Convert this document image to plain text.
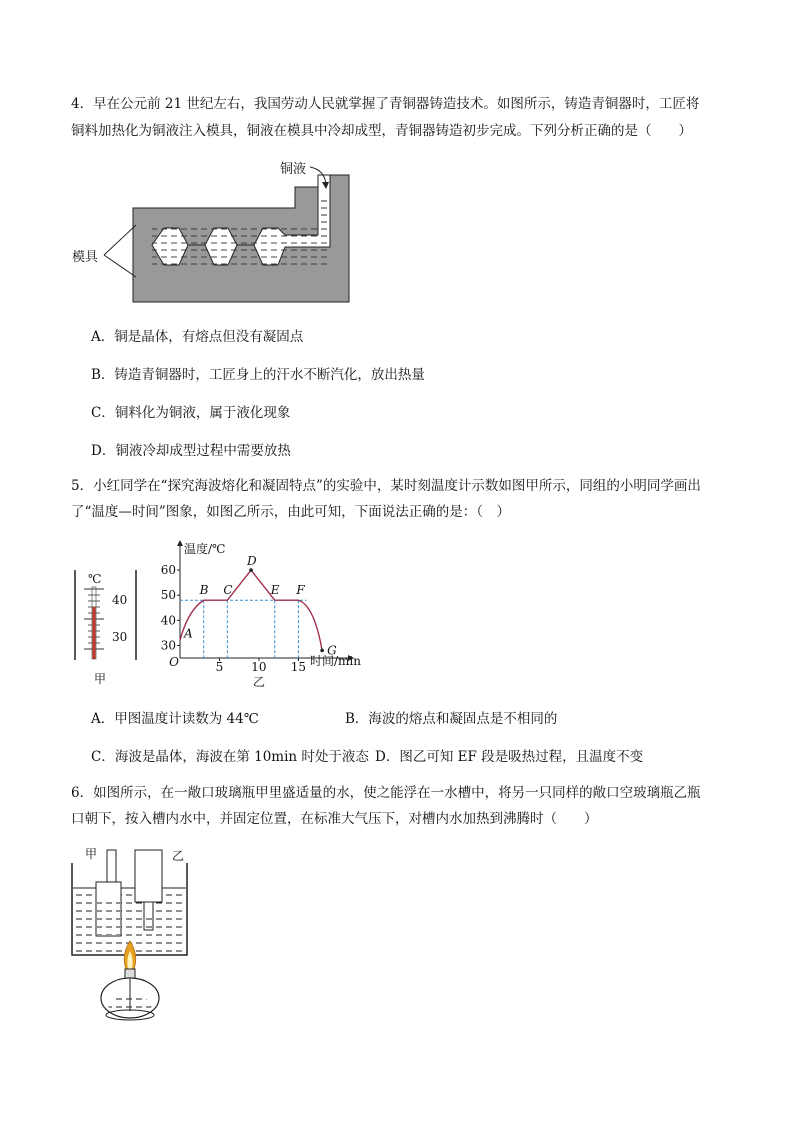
4．早在公元前 21 世纪左右，我国劳动人民就掌握了青铜器铸造技术。如图所示，铸造青铜器时，工匠将
铜料加热化为铜液注入模具，铜液在模具中冷却成型，青铜器铸造初步完成。下列分析正确的是（　　）
铜液
模具
A．铜是晶体，有熔点但没有凝固点
B．铸造青铜器时，工匠身上的汗水不断汽化，放出热量
C．铜料化为铜液，属于液化现象
D．铜液冷却成型过程中需要放热
5．小红同学在“探究海波熔化和凝固特点”的实验中，某时刻温度计示数如图甲所示，同组的小明同学画出
了“温度—时间”图象，如图乙所示，由此可知，下面说法正确的是：（　）
℃
40
30
甲
温度/℃
时间/min
O
30
40
50
60
5 10 15
A
B C
D
E F
G
乙
A．甲图温度计读数为 44℃	B．海波的熔点和凝固点是不相同的
C．海波是晶体，海波在第 10min 时处于液态 D．图乙可知 EF 段是吸热过程，且温度不变
6．如图所示，在一敞口玻璃瓶甲里盛适量的水，使之能浮在一水槽中，将另一只同样的敞口空玻璃瓶乙瓶
口朝下，按入槽内水中，并固定位置，在标准大气压下，对槽内水加热到沸腾时（　　）
甲	乙
